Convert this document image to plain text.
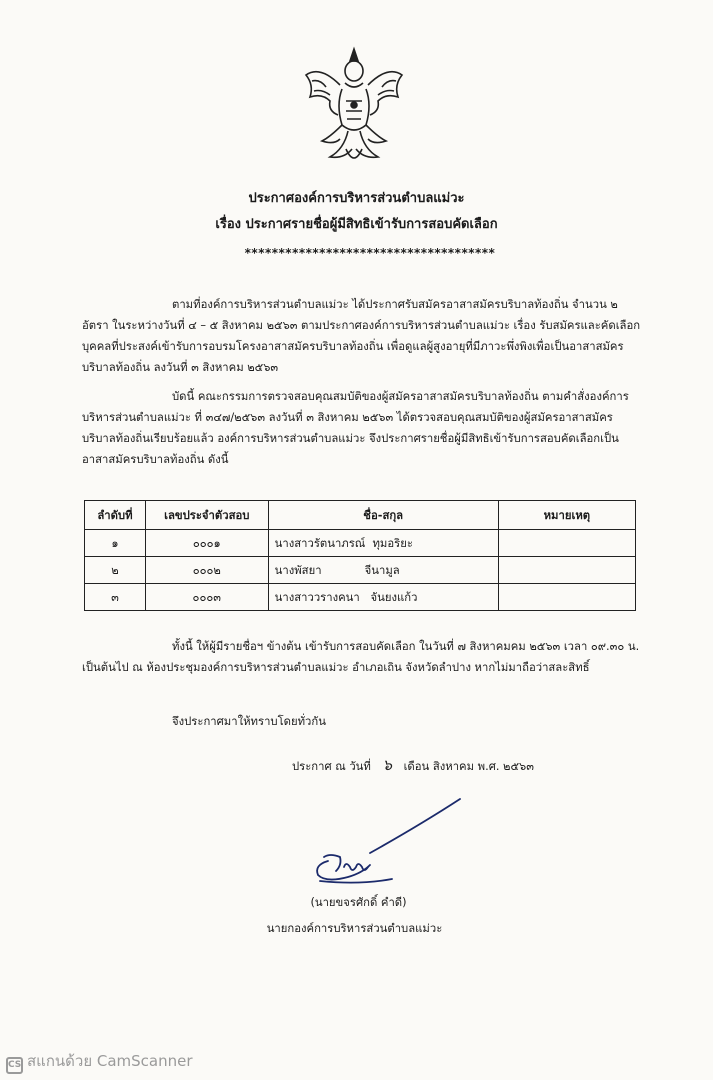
ประกาศองค์การบริหารส่วนตำบลแม่วะ
เรื่อง ประกาศรายชื่อผู้มีสิทธิเข้ารับการสอบคัดเลือก
*************************************
ตามที่องค์การบริหารส่วนตำบลแม่วะ ได้ประกาศรับสมัครอาสาสมัครบริบาลท้องถิ่น จำนวน ๒ อัตรา ในระหว่างวันที่ ๔ – ๕ สิงหาคม ๒๕๖๓ ตามประกาศองค์การบริหารส่วนตำบลแม่วะ เรื่อง รับสมัครและคัดเลือกบุคคลที่ประสงค์เข้ารับการอบรมโครงอาสาสมัครบริบาลท้องถิ่น เพื่อดูแลผู้สูงอายุที่มีภาวะพึ่งพิงเพื่อเป็นอาสาสมัครบริบาลท้องถิ่น ลงวันที่ ๓ สิงหาคม ๒๕๖๓
บัดนี้ คณะกรรมการตรวจสอบคุณสมบัติของผู้สมัครอาสาสมัครบริบาลท้องถิ่น ตามคำสั่งองค์การบริหารส่วนตำบลแม่วะ ที่ ๓๔๗/๒๕๖๓ ลงวันที่ ๓ สิงหาคม ๒๕๖๓ ได้ตรวจสอบคุณสมบัติของผู้สมัครอาสาสมัครบริบาลท้องถิ่นเรียบร้อยแล้ว องค์การบริหารส่วนตำบลแม่วะ จึงประกาศรายชื่อผู้มีสิทธิเข้ารับการสอบคัดเลือกเป็นอาสาสมัครบริบาลท้องถิ่น ดังนี้
ลำดับที่	เลขประจำตัวสอบ	ชื่อ-สกุล	หมายเหตุ
๑	๐๐๐๑	นางสาวรัตนาภรณ์  ทุมอริยะ	
๒	๐๐๐๒	นางพัสยา            จีนามูล	
๓	๐๐๐๓	นางสาววรางคนา   จันยงแก้ว	
ทั้งนี้ ให้ผู้มีรายชื่อฯ ข้างต้น เข้ารับการสอบคัดเลือก ในวันที่ ๗ สิงหาคมคม ๒๕๖๓ เวลา ๐๙.๓๐ น. เป็นต้นไป ณ ห้องประชุมองค์การบริหารส่วนตำบลแม่วะ อำเภอเถิน จังหวัดลำปาง หากไม่มาถือว่าสละสิทธิ์
จึงประกาศมาให้ทราบโดยทั่วกัน
ประกาศ ณ วันที่ ๖ เดือน สิงหาคม พ.ศ. ๒๕๖๓
(นายขจรศักดิ์ คำดี)
นายกองค์การบริหารส่วนตำบลแม่วะ
CS สแกนด้วย CamScanner
